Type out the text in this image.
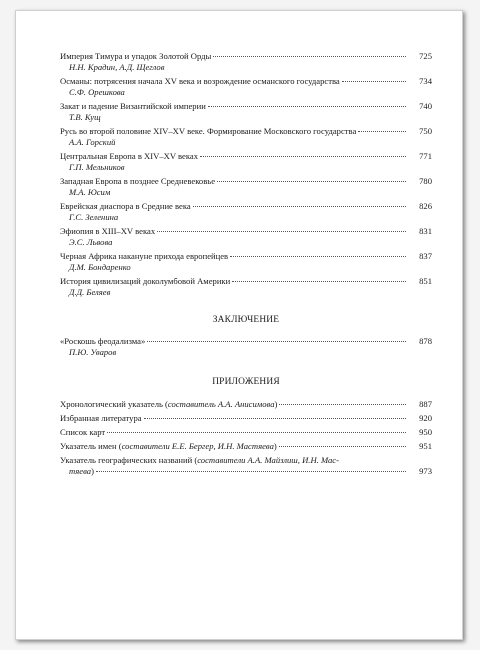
Империя Тимура и упадок Золотой Орды	725
Н.Н. Крадин, А.Д. Щеглов
Османы: потрясения начала XV века и возрождение османского государства	734
С.Ф. Орешкова
Закат и падение Византийской империи	740
Т.В. Кущ
Русь во второй половине XIV–XV веке. Формирование Московского государства	750
А.А. Горский
Центральная Европа в XIV–XV веках	771
Г.П. Мельников
Западная Европа в позднее Средневековье	780
М.А. Юсим
Еврейская диаспора в Средние века	826
Г.С. Зеленина
Эфиопия в XIII–XV веках	831
Э.С. Львова
Черная Африка накануне прихода европейцев	837
Д.М. Бондаренко
История цивилизаций доколумбовой Америки	851
Д.Д. Беляев
ЗАКЛЮЧЕНИЕ
«Роскошь феодализма»	878
П.Ю. Уваров
ПРИЛОЖЕНИЯ
Хронологический указатель (составитель А.А. Анисимова)	887
Избранная литература	920
Список карт	950
Указатель имен (составители Е.Е. Бергер, И.Н. Мастяева)	951
Указатель географических названий (составители А.А. Майзлиш, И.Н. Мас-
тяева )	973
